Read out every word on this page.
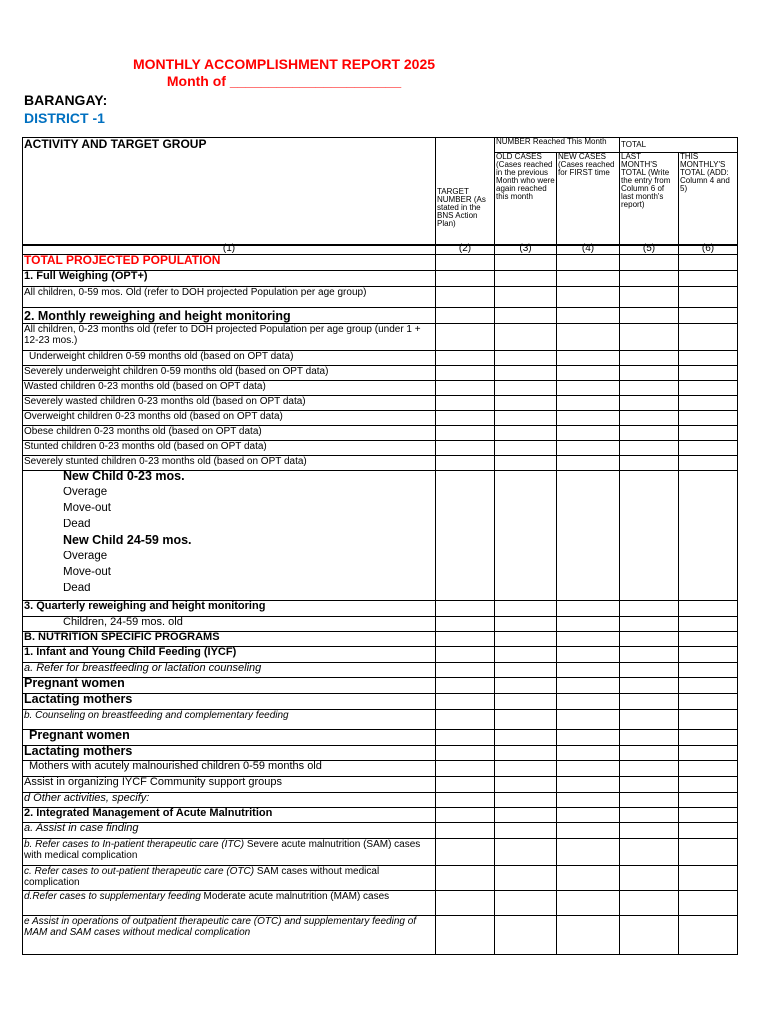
MONTHLY ACCOMPLISHMENT REPORT 2025
Month of ______________________
BARANGAY:
DISTRICT -1
ACTIVITY AND TARGET GROUP	TARGET NUMBER (As stated in the BNS Action Plan)	NUMBER Reached This Month		TOTAL	
		OLD CASES (Cases reached in the previous Month who were again reached this month	NEW CASES (Cases reached for FIRST time	LAST MONTH'S TOTAL (Write the entry from Column 6 of last month's report)	THIS MONTHLY'S TOTAL (ADD: Column 4 and 5)

(1)	(2)	(3)	(4)	(5)	(6)
TOTAL PROJECTED POPULATION					
1. Full Weighing (OPT+)					
All children, 0-59 mos. Old (refer to DOH projected Population per age group)					
2. Monthly reweighing and height monitoring					
All children, 0-23 months old (refer to DOH projected Population per age group (under 1 + 12-23 mos.)					
Underweight children 0-59 months old (based on OPT data)					
Severely underweight children 0-59 months old (based on OPT data)					
Wasted children 0-23 months old (based on OPT data)					
Severely wasted children 0-23 months old (based on OPT data)					
Overweight children 0-23 months old (based on OPT data)					
Obese children 0-23 months old (based on OPT data)					
Stunted children 0-23 months old (based on OPT data)					
Severely stunted children 0-23 months old (based on OPT data)					
New Child 0-23 mos.					
Overage					
Move-out					
Dead					
New Child 24-59 mos.					
Overage					
Move-out					
Dead					
3. Quarterly reweighing and height monitoring					
Children, 24-59 mos. old					
B. NUTRITION SPECIFIC PROGRAMS					
1. Infant and Young Child Feeding (IYCF)					
a. Refer for breastfeeding or lactation counseling					
Pregnant women					
Lactating mothers					
b. Counseling on breastfeeding and complementary feeding					
Pregnant women					
Lactating mothers					
Mothers with acutely malnourished children 0-59 months old					
Assist in organizing IYCF Community support groups					
d Other activities, specify:					
2. Integrated Management of Acute Malnutrition					
a. Assist in case finding					
b. Refer cases to In-patient therapeutic care (ITC) Severe acute malnutrition (SAM) cases with medical complication					
c. Refer cases to out-patient therapeutic care (OTC) SAM cases without medical complication					
d.Refer cases to supplementary feeding Moderate acute malnutrition (MAM) cases					
e Assist in operations of outpatient therapeutic care (OTC) and supplementary feeding of MAM and SAM cases without medical complication					
